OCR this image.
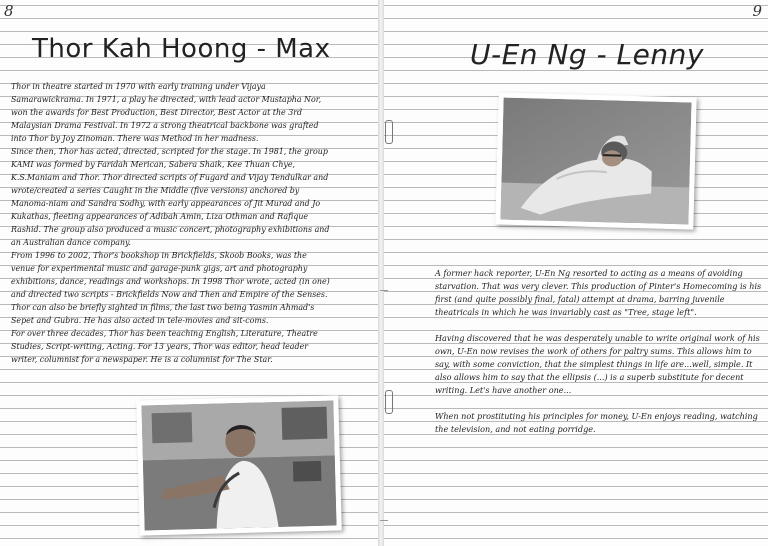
8	9
Thor Kah Hoong - Max	U-En Ng - Lenny

Thor in theatre started in 1970 with early training under Vijaya Samarawickrama. In 1971, a play he directed, with lead actor Mustapha Nor, won the awards for Best Production, Best Director, Best Actor at the 3rd Malaysian Drama Festival. In 1972 a strong theatrical backbone was grafted into Thor by Joy Zinoman. There was Method in her madness.

Since then, Thor has acted, directed, scripted for the stage. In 1981, the group KAMI was formed by Faridah Merican, Sabera Shaik, Kee Thuan Chye, K.S.Maniam and Thor. Thor directed scripts of Fugard and Vijay Tendulkar and wrote/created a series Caught in the Middle (five versions) anchored by Manoma-niam and Sandra Sodhy, with early appearances of Jit Murad and Jo Kukathas, fleeting appearances of Adibah Amin, Liza Othman and Rafique Rashid. The group also produced a music concert, photography exhibitions and an Australian dance company.

From 1996 to 2002, Thor's bookshop in Brickfields, Skoob Books, was the venue for experimental music and garage-punk gigs, art and photography exhibitions, dance, readings and workshops. In 1998 Thor wrote, acted (in one) and directed two scripts - Brickfields Now and Then and Empire of the Senses.

Thor can also be briefly sighted in films, the last two being Yasmin Ahmad's Sepet and Gubra. He has also acted in tele-movies and sit-coms.

For over three decades, Thor has been teaching English, Literature, Theatre Studies, Script-writing, Acting. For 13 years, Thor was editor, head leader writer, columnist for a newspaper. He is a columnist for The Star.

A former hack reporter, U-En Ng resorted to acting as a means of avoiding starvation. That was very clever. This production of Pinter's Homecoming is his first (and quite possibly final, fatal) attempt at drama, barring juvenile theatricals in which he was invariably cast as "Tree, stage left".

Having discovered that he was desperately unable to write original work of his own, U-En now revises the work of others for paltry sums. This allows him to say, with some conviction, that the simplest things in life are...well, simple. It also allows him to say that the ellipsis (...) is a superb substitute for decent writing. Let's have another one...

When not prostituting his principles for money, U-En enjoys reading, watching the television, and not eating porridge.
